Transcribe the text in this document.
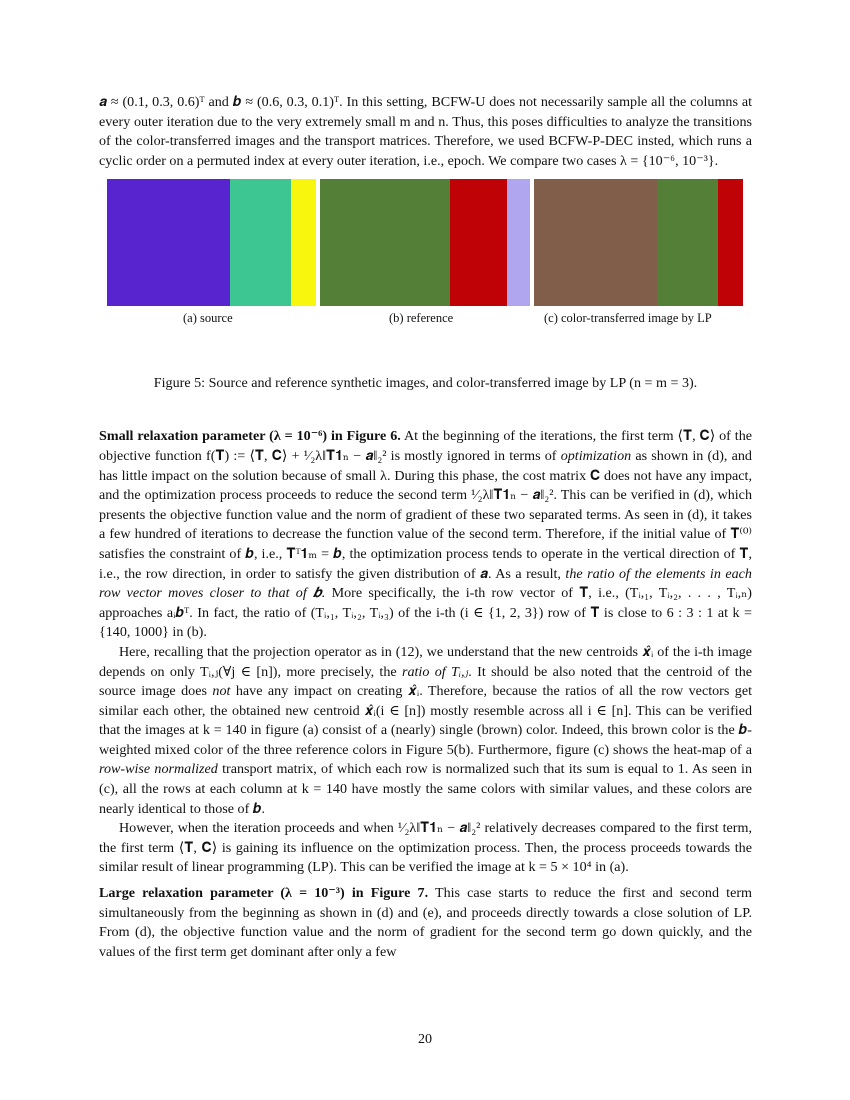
𝒂 ≈ (0.1, 0.3, 0.6)ᵀ and 𝒃 ≈ (0.6, 0.3, 0.1)ᵀ. In this setting, BCFW-U does not necessarily sample all the columns at every outer iteration due to the very extremely small m and n. Thus, this poses difficulties to analyze the transitions of the color-transferred images and the transport matrices. Therefore, we used BCFW-P-DEC insted, which runs a cyclic order on a permuted index at every outer iteration, i.e., epoch. We compare two cases λ = {10⁻⁶, 10⁻³}.

(a) source	(b) reference	(c) color-transferred image by LP
Figure 5: Source and reference synthetic images, and color-transferred image by LP (n = m = 3).

Small relaxation parameter (λ = 10⁻⁶) in Figure 6. At the beginning of the iterations, the first term ⟨𝐓, 𝐂⟩ of the objective function f(𝐓) := ⟨𝐓, 𝐂⟩ + ¹⁄₂λ‖𝐓𝟏ₙ − 𝒂‖₂² is mostly ignored in terms of optimization as shown in (d), and has little impact on the solution because of small λ. During this phase, the cost matrix 𝐂 does not have any impact, and the optimization process proceeds to reduce the second term ¹⁄₂λ‖𝐓𝟏ₙ − 𝒂‖₂². This can be verified in (d), which presents the objective function value and the norm of gradient of these two separated terms. As seen in (d), it takes a few hundred of iterations to decrease the function value of the second term. Therefore, if the initial value of 𝐓⁽⁰⁾ satisfies the constraint of 𝒃, i.e., 𝐓ᵀ𝟏ₘ = 𝒃, the optimization process tends to operate in the vertical direction of 𝐓, i.e., the row direction, in order to satisfy the given distribution of 𝒂. As a result, the ratio of the elements in each row vector moves closer to that of 𝒃. More specifically, the i-th row vector of 𝐓, i.e., (Tᵢ,₁, Tᵢ,₂, . . . , Tᵢ,ₙ) approaches aᵢ𝒃ᵀ. In fact, the ratio of (Tᵢ,₁, Tᵢ,₂, Tᵢ,₃) of the i-th (i ∈ {1, 2, 3}) row of 𝐓 is close to 6 : 3 : 1 at k = {140, 1000} in (b).

Here, recalling that the projection operator as in (12), we understand that the new centroids 𝒙̂ᵢ of the i-th image depends on only Tᵢ,ⱼ(∀j ∈ [n]), more precisely, the ratio of Tᵢ,ⱼ. It should be also noted that the centroid of the source image does not have any impact on creating 𝒙̂ᵢ. Therefore, because the ratios of all the row vectors get similar each other, the obtained new centroid 𝒙̂ᵢ(i ∈ [n]) mostly resemble across all i ∈ [n]. This can be verified that the images at k = 140 in figure (a) consist of a (nearly) single (brown) color. Indeed, this brown color is the 𝒃-weighted mixed color of the three reference colors in Figure 5(b). Furthermore, figure (c) shows the heat-map of a row-wise normalized transport matrix, of which each row is normalized such that its sum is equal to 1. As seen in (c), all the rows at each column at k = 140 have mostly the same colors with similar values, and these colors are nearly identical to those of 𝒃.

However, when the iteration proceeds and when ¹⁄₂λ‖𝐓𝟏ₙ − 𝒂‖₂² relatively decreases compared to the first term, the first term ⟨𝐓, 𝐂⟩ is gaining its influence on the optimization process. Then, the process proceeds towards the similar result of linear programming (LP). This can be verified the image at k = 5 × 10⁴ in (a).

Large relaxation parameter (λ = 10⁻³) in Figure 7. This case starts to reduce the first and second term simultaneously from the beginning as shown in (d) and (e), and proceeds directly towards a close solution of LP. From (d), the objective function value and the norm of gradient for the second term go down quickly, and the values of the first term get dominant after only a few

20
